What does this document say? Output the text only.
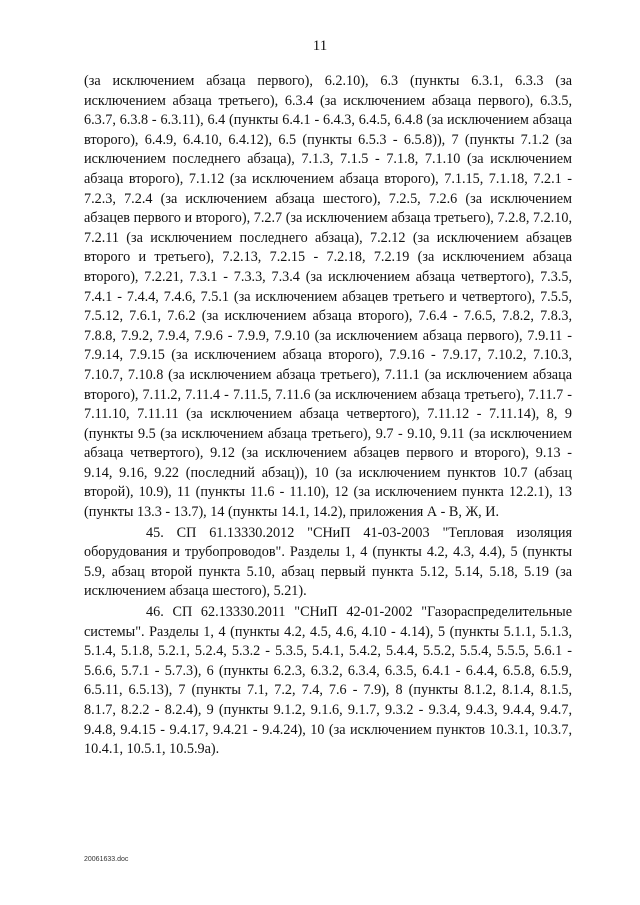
11

(за исключением абзаца первого), 6.2.10), 6.3 (пункты 6.3.1, 6.3.3 (за исключением абзаца третьего), 6.3.4 (за исключением абзаца первого), 6.3.5, 6.3.7, 6.3.8 - 6.3.11), 6.4 (пункты 6.4.1 - 6.4.3, 6.4.5, 6.4.8 (за исключением абзаца второго), 6.4.9, 6.4.10, 6.4.12), 6.5 (пункты 6.5.3 - 6.5.8)), 7 (пункты 7.1.2 (за исключением последнего абзаца), 7.1.3, 7.1.5 - 7.1.8, 7.1.10 (за исключением абзаца второго), 7.1.12 (за исключением абзаца второго), 7.1.15, 7.1.18, 7.2.1 - 7.2.3, 7.2.4 (за исключением абзаца шестого), 7.2.5, 7.2.6 (за исключением абзацев первого и второго), 7.2.7 (за исключением абзаца третьего), 7.2.8, 7.2.10, 7.2.11 (за исключением последнего абзаца), 7.2.12 (за исключением абзацев второго и третьего), 7.2.13, 7.2.15 - 7.2.18, 7.2.19 (за исключением абзаца второго), 7.2.21, 7.3.1 - 7.3.3, 7.3.4 (за исключением абзаца четвертого), 7.3.5, 7.4.1 - 7.4.4, 7.4.6, 7.5.1 (за исключением абзацев третьего и четвертого), 7.5.5, 7.5.12, 7.6.1, 7.6.2 (за исключением абзаца второго), 7.6.4 - 7.6.5, 7.8.2, 7.8.3, 7.8.8, 7.9.2, 7.9.4, 7.9.6 - 7.9.9, 7.9.10 (за исключением абзаца первого), 7.9.11 - 7.9.14, 7.9.15 (за исключением абзаца второго), 7.9.16 - 7.9.17, 7.10.2, 7.10.3, 7.10.7, 7.10.8 (за исключением абзаца третьего), 7.11.1 (за исключением абзаца второго), 7.11.2, 7.11.4 - 7.11.5, 7.11.6 (за исключением абзаца третьего), 7.11.7 - 7.11.10, 7.11.11 (за исключением абзаца четвертого), 7.11.12 - 7.11.14), 8, 9 (пункты 9.5 (за исключением абзаца третьего), 9.7 - 9.10, 9.11 (за исключением абзаца четвертого), 9.12 (за исключением абзацев первого и второго), 9.13 - 9.14, 9.16, 9.22 (последний абзац)), 10 (за исключением пунктов 10.7 (абзац второй), 10.9), 11 (пункты 11.6 - 11.10), 12 (за исключением пункта 12.2.1), 13 (пункты 13.3 - 13.7), 14 (пункты 14.1, 14.2), приложения А - В, Ж, И.

45. СП 61.13330.2012 "СНиП 41-03-2003 "Тепловая изоляция оборудования и трубопроводов". Разделы 1, 4 (пункты 4.2, 4.3, 4.4), 5 (пункты 5.9, абзац второй пункта 5.10, абзац первый пункта 5.12, 5.14, 5.18, 5.19 (за исключением абзаца шестого), 5.21).

46. СП 62.13330.2011 "СНиП 42-01-2002 "Газораспределительные системы". Разделы 1, 4 (пункты 4.2, 4.5, 4.6, 4.10 - 4.14), 5 (пункты 5.1.1, 5.1.3, 5.1.4, 5.1.8, 5.2.1, 5.2.4, 5.3.2 - 5.3.5, 5.4.1, 5.4.2, 5.4.4, 5.5.2, 5.5.4, 5.5.5, 5.6.1 - 5.6.6, 5.7.1 - 5.7.3), 6 (пункты 6.2.3, 6.3.2, 6.3.4, 6.3.5, 6.4.1 - 6.4.4, 6.5.8, 6.5.9, 6.5.11, 6.5.13), 7 (пункты 7.1, 7.2, 7.4, 7.6 - 7.9), 8 (пункты 8.1.2, 8.1.4, 8.1.5, 8.1.7, 8.2.2 - 8.2.4), 9 (пункты 9.1.2, 9.1.6, 9.1.7, 9.3.2 - 9.3.4, 9.4.3, 9.4.4, 9.4.7, 9.4.8, 9.4.15 - 9.4.17, 9.4.21 - 9.4.24), 10 (за исключением пунктов 10.3.1, 10.3.7, 10.4.1, 10.5.1, 10.5.9а).

20061633.doc
